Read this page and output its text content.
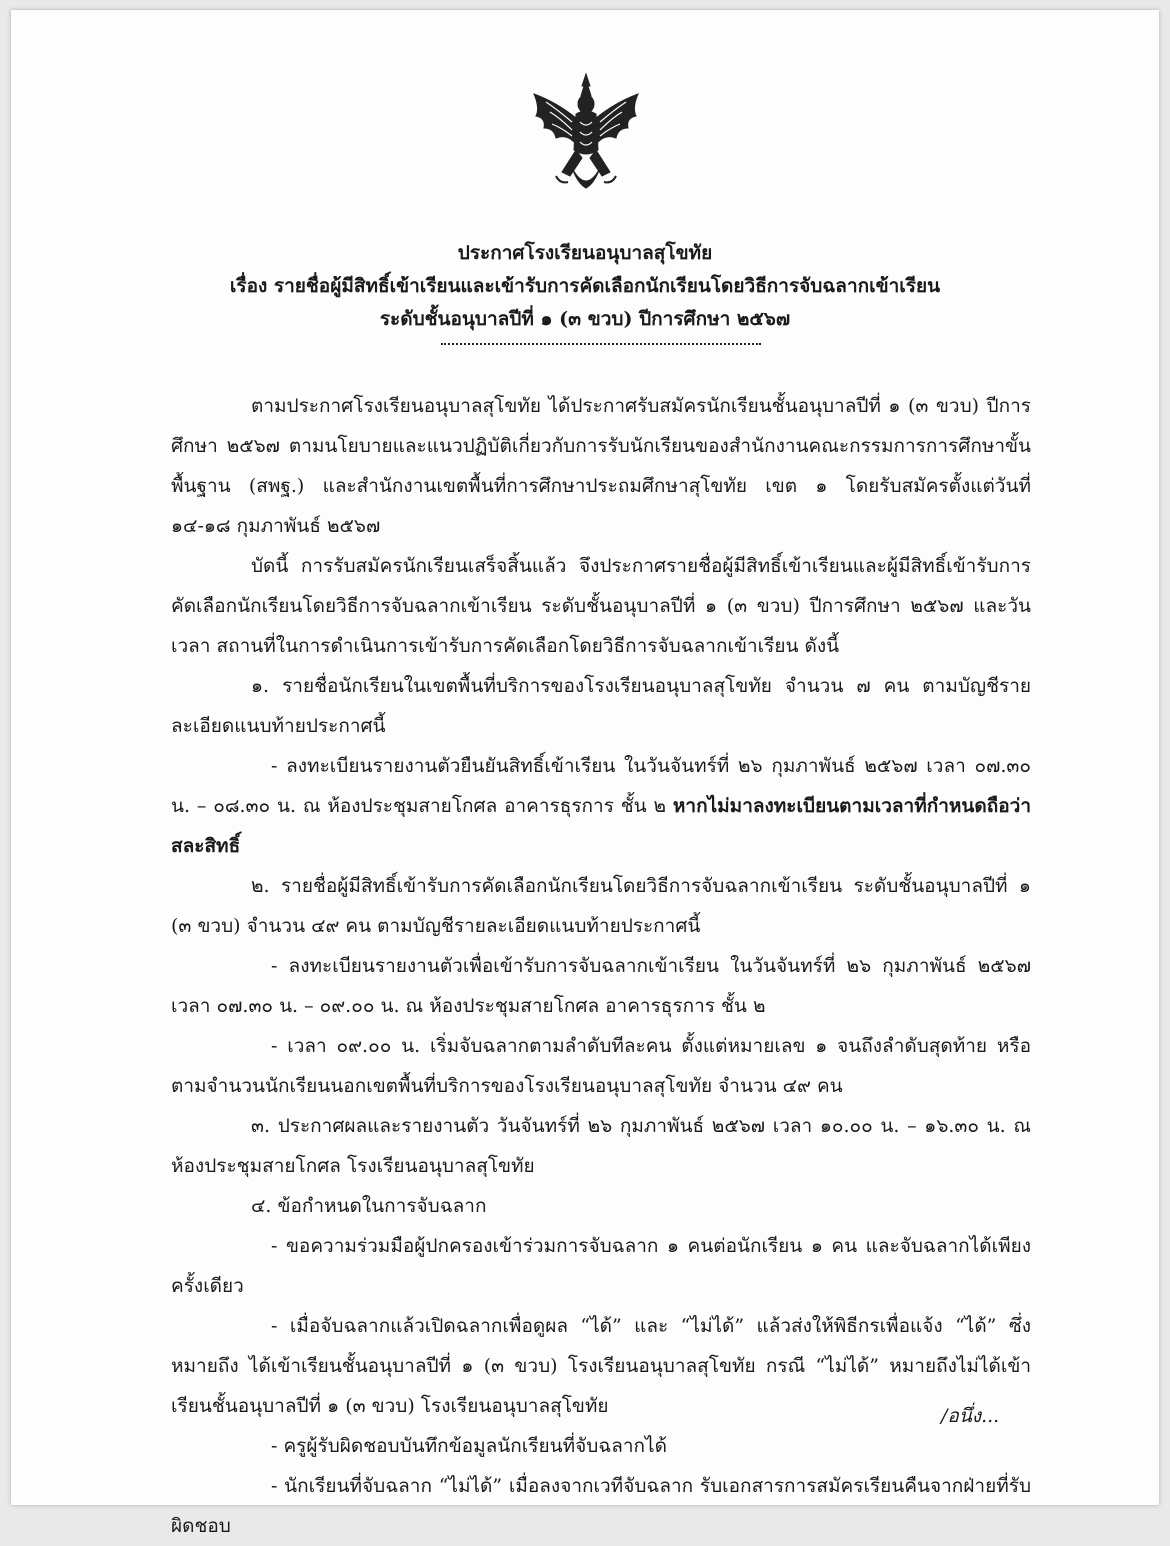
ประกาศโรงเรียนอนุบาลสุโขทัย
เรื่อง รายชื่อผู้มีสิทธิ์เข้าเรียนและเข้ารับการคัดเลือกนักเรียนโดยวิธีการจับฉลากเข้าเรียน
ระดับชั้นอนุบาลปีที่ ๑ (๓ ขวบ) ปีการศึกษา ๒๕๖๗

ตามประกาศโรงเรียนอนุบาลสุโขทัย ได้ประกาศรับสมัครนักเรียนชั้นอนุบาลปีที่ ๑ (๓ ขวบ) ปีการศึกษา ๒๕๖๗ ตามนโยบายและแนวปฏิบัติเกี่ยวกับการรับนักเรียนของสำนักงานคณะกรรมการการศึกษาขั้นพื้นฐาน (สพฐ.) และสำนักงานเขตพื้นที่การศึกษาประถมศึกษาสุโขทัย เขต ๑ โดยรับสมัครตั้งแต่วันที่ ๑๔-๑๘ กุมภาพันธ์ ๒๕๖๗

บัดนี้ การรับสมัครนักเรียนเสร็จสิ้นแล้ว จึงประกาศรายชื่อผู้มีสิทธิ์เข้าเรียนและผู้มีสิทธิ์เข้ารับการคัดเลือกนักเรียนโดยวิธีการจับฉลากเข้าเรียน ระดับชั้นอนุบาลปีที่ ๑ (๓ ขวบ) ปีการศึกษา ๒๕๖๗ และวัน เวลา สถานที่ในการดำเนินการเข้ารับการคัดเลือกโดยวิธีการจับฉลากเข้าเรียน ดังนี้

๑. รายชื่อนักเรียนในเขตพื้นที่บริการของโรงเรียนอนุบาลสุโขทัย จำนวน ๗ คน ตามบัญชีรายละเอียดแนบท้ายประกาศนี้

- ลงทะเบียนรายงานตัวยืนยันสิทธิ์เข้าเรียน ในวันจันทร์ที่ ๒๖ กุมภาพันธ์ ๒๕๖๗ เวลา ๐๗.๓๐ น. – ๐๘.๓๐ น. ณ ห้องประชุมสายโกศล อาคารธุรการ ชั้น ๒ หากไม่มาลงทะเบียนตามเวลาที่กำหนดถือว่าสละสิทธิ์

๒. รายชื่อผู้มีสิทธิ์เข้ารับการคัดเลือกนักเรียนโดยวิธีการจับฉลากเข้าเรียน ระดับชั้นอนุบาลปีที่ ๑ (๓ ขวบ) จำนวน ๔๙ คน ตามบัญชีรายละเอียดแนบท้ายประกาศนี้

- ลงทะเบียนรายงานตัวเพื่อเข้ารับการจับฉลากเข้าเรียน ในวันจันทร์ที่ ๒๖ กุมภาพันธ์ ๒๕๖๗ เวลา ๐๗.๓๐ น. – ๐๙.๐๐ น. ณ ห้องประชุมสายโกศล อาคารธุรการ ชั้น ๒

- เวลา ๐๙.๐๐ น. เริ่มจับฉลากตามลำดับทีละคน ตั้งแต่หมายเลข ๑ จนถึงลำดับสุดท้าย หรือตามจำนวนนักเรียนนอกเขตพื้นที่บริการของโรงเรียนอนุบาลสุโขทัย จำนวน ๔๙ คน

๓. ประกาศผลและรายงานตัว วันจันทร์ที่ ๒๖ กุมภาพันธ์ ๒๕๖๗ เวลา ๑๐.๐๐ น. – ๑๖.๓๐ น. ณ ห้องประชุมสายโกศล โรงเรียนอนุบาลสุโขทัย

๔. ข้อกำหนดในการจับฉลาก

- ขอความร่วมมือผู้ปกครองเข้าร่วมการจับฉลาก ๑ คนต่อนักเรียน ๑ คน และจับฉลากได้เพียงครั้งเดียว

- เมื่อจับฉลากแล้วเปิดฉลากเพื่อดูผล “ได้” และ “ไม่ได้” แล้วส่งให้พิธีกรเพื่อแจ้ง “ได้” ซึ่งหมายถึง ได้เข้าเรียนชั้นอนุบาลปีที่ ๑ (๓ ขวบ) โรงเรียนอนุบาลสุโขทัย กรณี “ไม่ได้” หมายถึงไม่ได้เข้าเรียนชั้นอนุบาลปีที่ ๑ (๓ ขวบ) โรงเรียนอนุบาลสุโขทัย

- ครูผู้รับผิดชอบบันทึกข้อมูลนักเรียนที่จับฉลากได้

- นักเรียนที่จับฉลาก “ไม่ได้” เมื่อลงจากเวทีจับฉลาก รับเอกสารการสมัครเรียนคืนจากฝ่ายที่รับผิดชอบ

/อนึ่ง...
